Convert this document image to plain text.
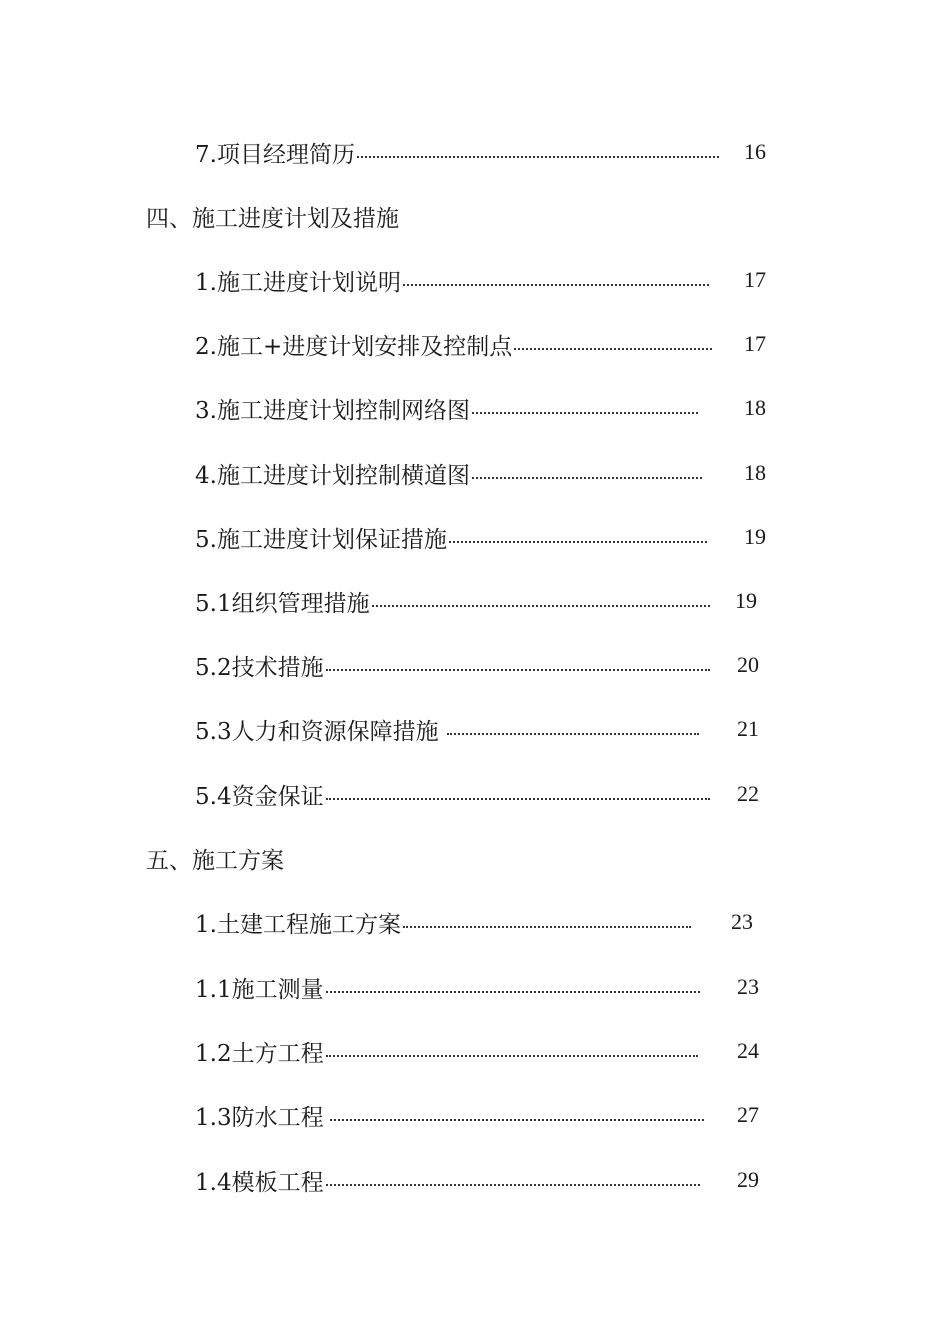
7.项目经理简历	16
四、施工进度计划及措施
1.施工进度计划说明	17
2.施工+进度计划安排及控制点	17
3.施工进度计划控制网络图	18
4.施工进度计划控制横道图	18
5.施工进度计划保证措施	19
5.1组织管理措施	19
5.2技术措施	20
5.3人力和资源保障措施	21
5.4资金保证	22
五、施工方案
1.土建工程施工方案	23
1.1施工测量	23
1.2土方工程	24
1.3防水工程	27
1.4模板工程	29
